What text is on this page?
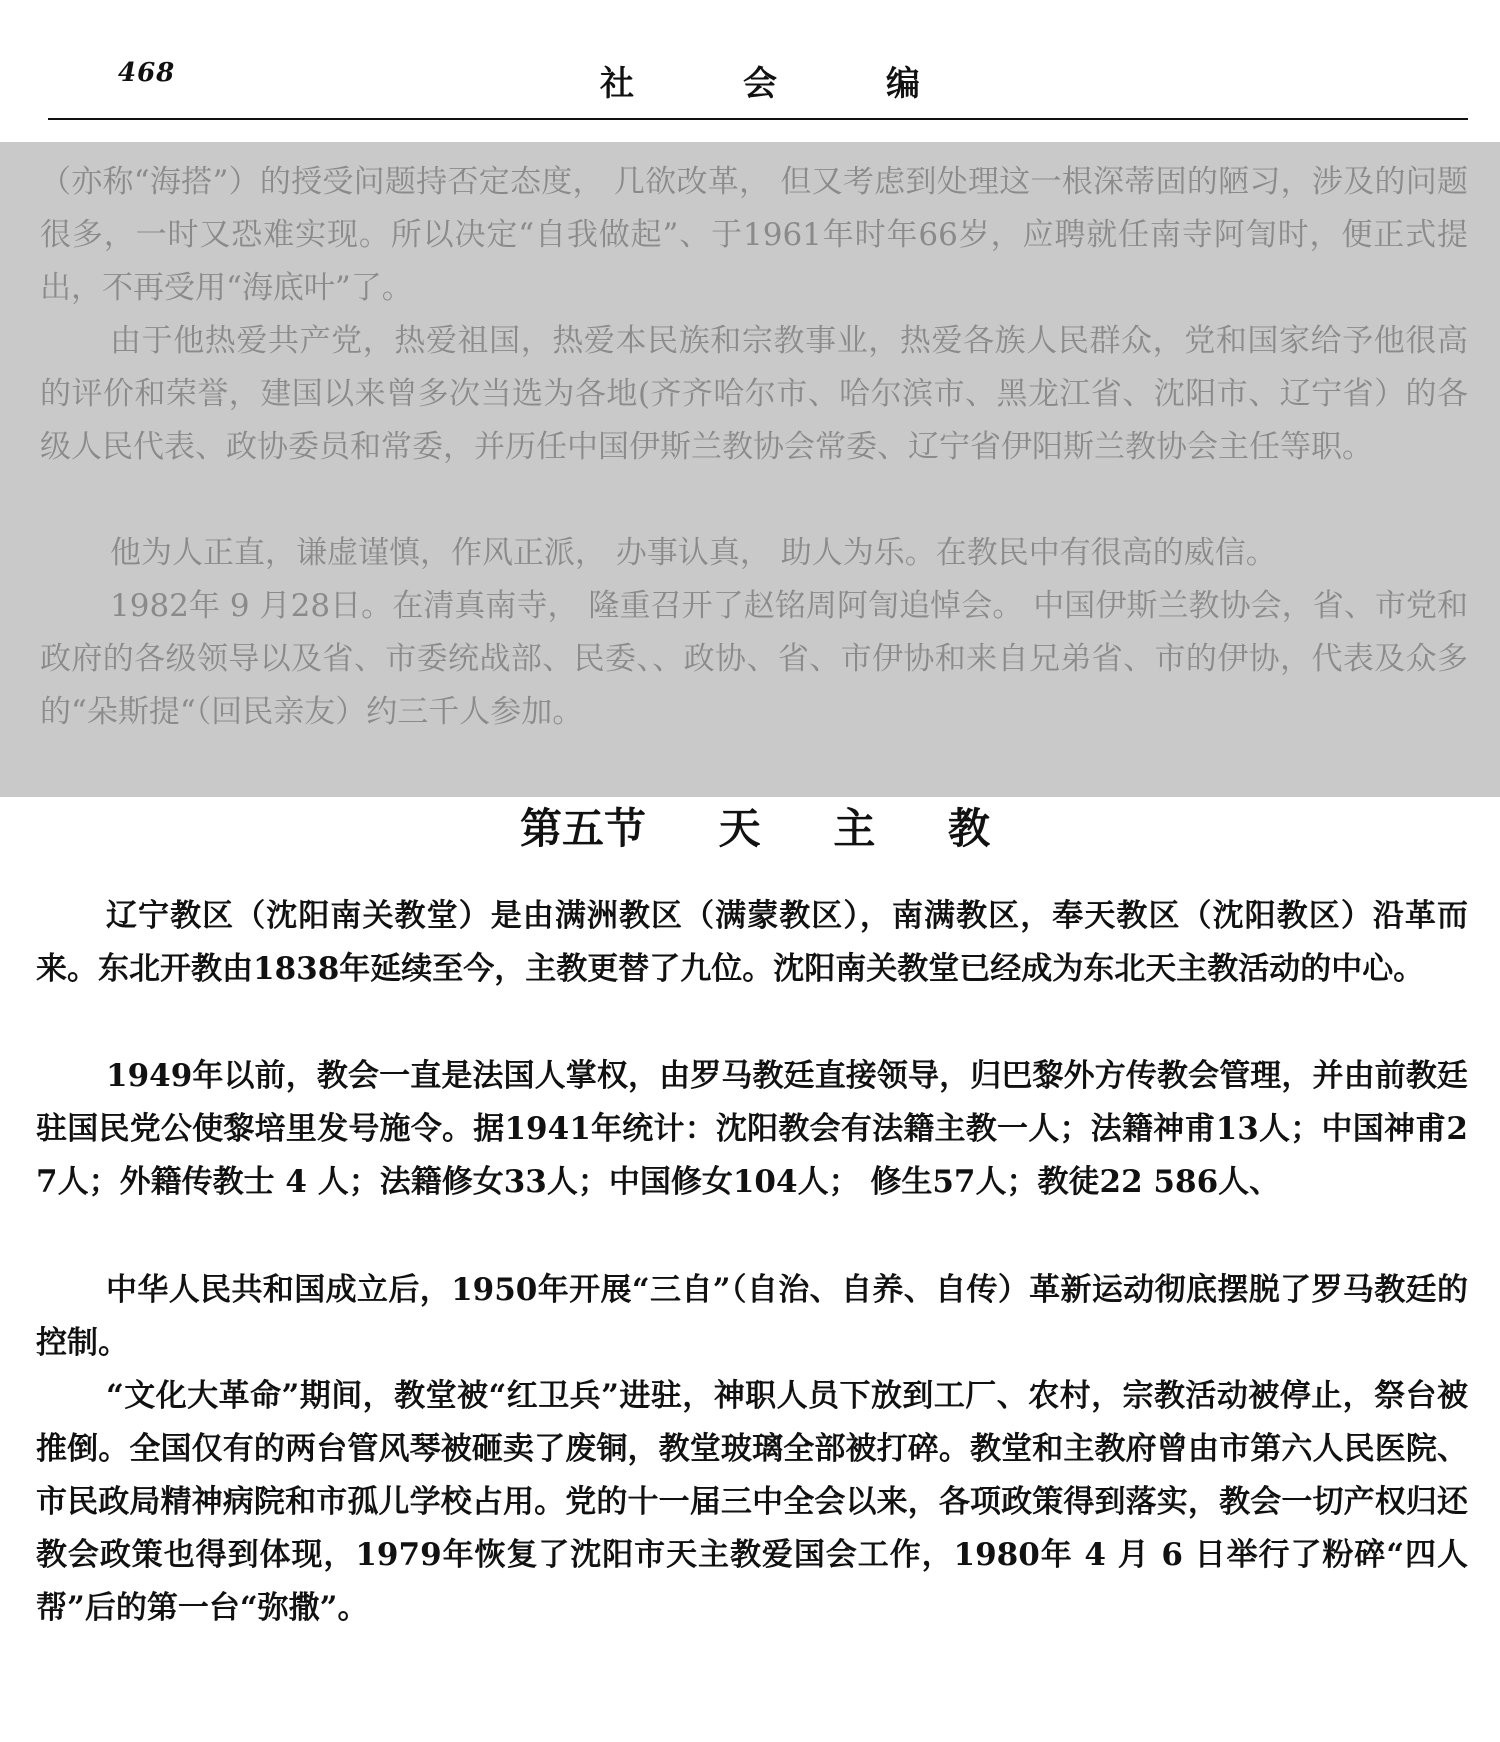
468	社	会	编

（亦称“海搭”）的授受问题持否定态度， 几欲改革， 但又考虑到处理这一根深蒂固的陋习，涉及的问题很多，一时又恐难实现。所以决定“自我做起”、于1961年时年66岁，应聘就任南寺阿訇时，便正式提出，不再受用“海底叶”了。

由于他热爱共产党，热爱祖国，热爱本民族和宗教事业，热爱各族人民群众，党和国家给予他很高的评价和荣誉，建国以来曾多次当选为各地(齐齐哈尔市、哈尔滨市、黑龙江省、沈阳市、辽宁省）的各级人民代表、政协委员和常委，并历任中国伊斯兰教协会常委、辽宁省伊阳斯兰教协会主任等职。

他为人正直，谦虚谨慎，作风正派， 办事认真， 助人为乐。在教民中有很高的威信。

1982年 9 月28日。在清真南寺， 隆重召开了赵铭周阿訇追悼会。 中国伊斯兰教协会，省、市党和政府的各级领导以及省、市委统战部、民委、、政协、省、市伊协和来自兄弟省、市的伊协，代表及众多的“朵斯提“（回民亲友）约三千人参加。

第五节 天 主 教

辽宁教区（沈阳南关教堂）是由满洲教区（满蒙教区），南满教区，奉天教区（沈阳教区）沿革而来。东北开教由1838年延续至今，主教更替了九位。沈阳南关教堂已经成为东北天主教活动的中心。

1949年以前，教会一直是法国人掌权，由罗马教廷直接领导，归巴黎外方传教会管理，并由前教廷驻国民党公使黎培里发号施令。据1941年统计：沈阳教会有法籍主教一人；法籍神甫13人；中国神甫27人；外籍传教士 4 人；法籍修女33人；中国修女104人； 修生57人；教徒22 586人、

中华人民共和国成立后，1950年开展“三自”（自治、自养、自传）革新运动彻底摆脱了罗马教廷的控制。

“文化大革命”期间，教堂被“红卫兵”进驻，神职人员下放到工厂、农村，宗教活动被停止，祭台被推倒。全国仅有的两台管风琴被砸卖了废铜，教堂玻璃全部被打碎。教堂和主教府曾由市第六人民医院、市民政局精神病院和市孤儿学校占用。党的十一届三中全会以来，各项政策得到落实，教会一切产权归还教会政策也得到体现，1979年恢复了沈阳市天主教爱国会工作，1980年 4 月 6 日举行了粉碎“四人帮”后的第一台“弥撒”。
